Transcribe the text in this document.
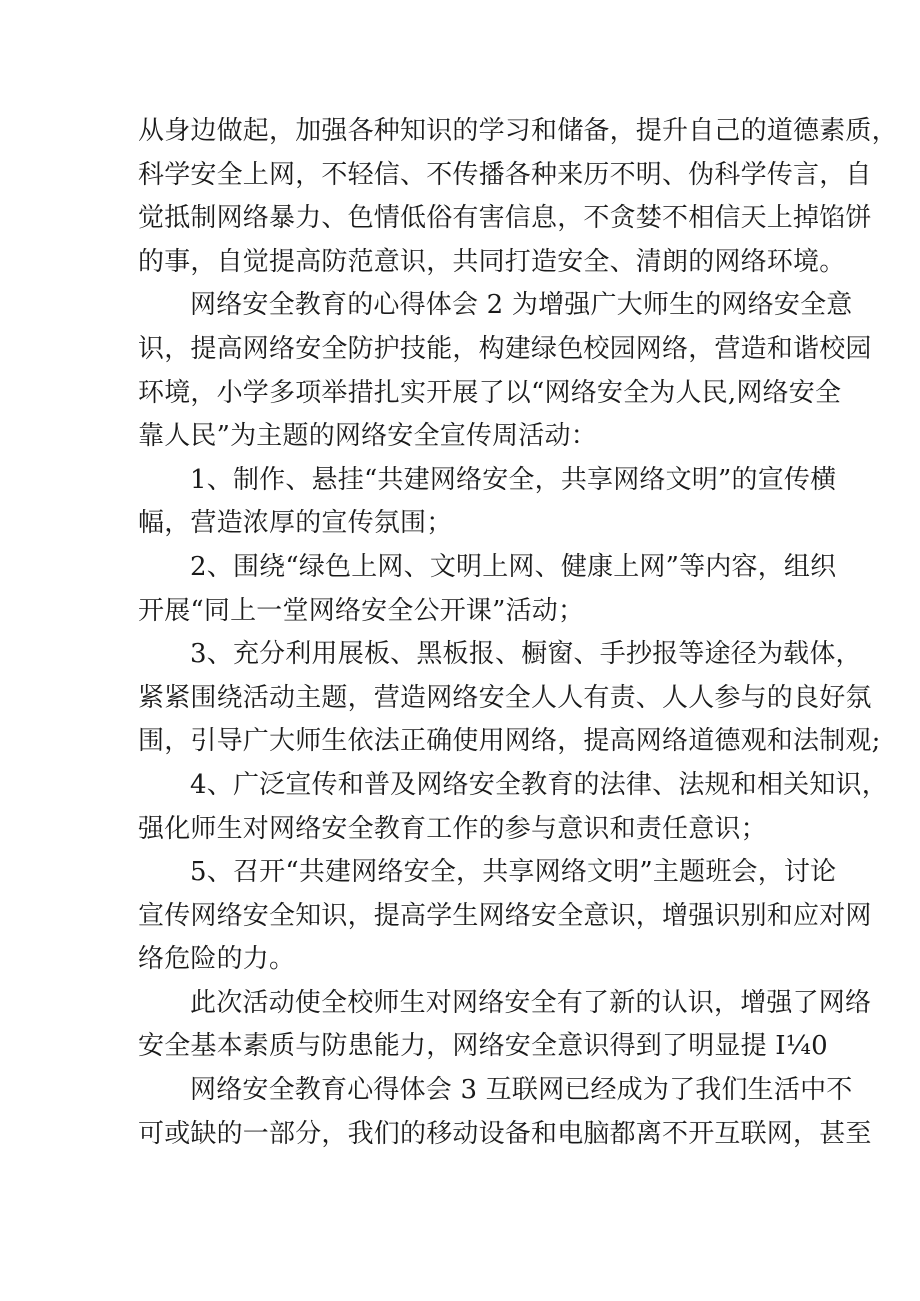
从身边做起，加强各种知识的学习和储备，提升自己的道德素质，
科学安全上网，不轻信、不传播各种来历不明、伪科学传言，自
觉抵制网络暴力、色情低俗有害信息，不贪婪不相信天上掉馅饼
的事，自觉提高防范意识，共同打造安全、清朗的网络环境。
网络安全教育的心得体会 2 为增强广大师生的网络安全意
识，提高网络安全防护技能，构建绿色校园网络，营造和谐校园
环境，小学多项举措扎实开展了以“网络安全为人民,网络安全
靠人民”为主题的网络安全宣传周活动：
1、制作、悬挂“共建网络安全，共享网络文明”的宣传横
幅，营造浓厚的宣传氛围；
2、围绕“绿色上网、文明上网、健康上网”等内容，组织
开展“同上一堂网络安全公开课”活动；
3、充分利用展板、黑板报、橱窗、手抄报等途径为载体，
紧紧围绕活动主题，营造网络安全人人有责、人人参与的良好氛
围，引导广大师生依法正确使用网络，提高网络道德观和法制观;
4、广泛宣传和普及网络安全教育的法律、法规和相关知识，
强化师生对网络安全教育工作的参与意识和责任意识；
5、召开“共建网络安全，共享网络文明”主题班会，讨论
宣传网络安全知识，提高学生网络安全意识，增强识别和应对网
络危险的力。
此次活动使全校师生对网络安全有了新的认识，增强了网络
安全基本素质与防患能力，网络安全意识得到了明显提 I¼0
网络安全教育心得体会 3 互联网已经成为了我们生活中不
可或缺的一部分，我们的移动设备和电脑都离不开互联网，甚至
